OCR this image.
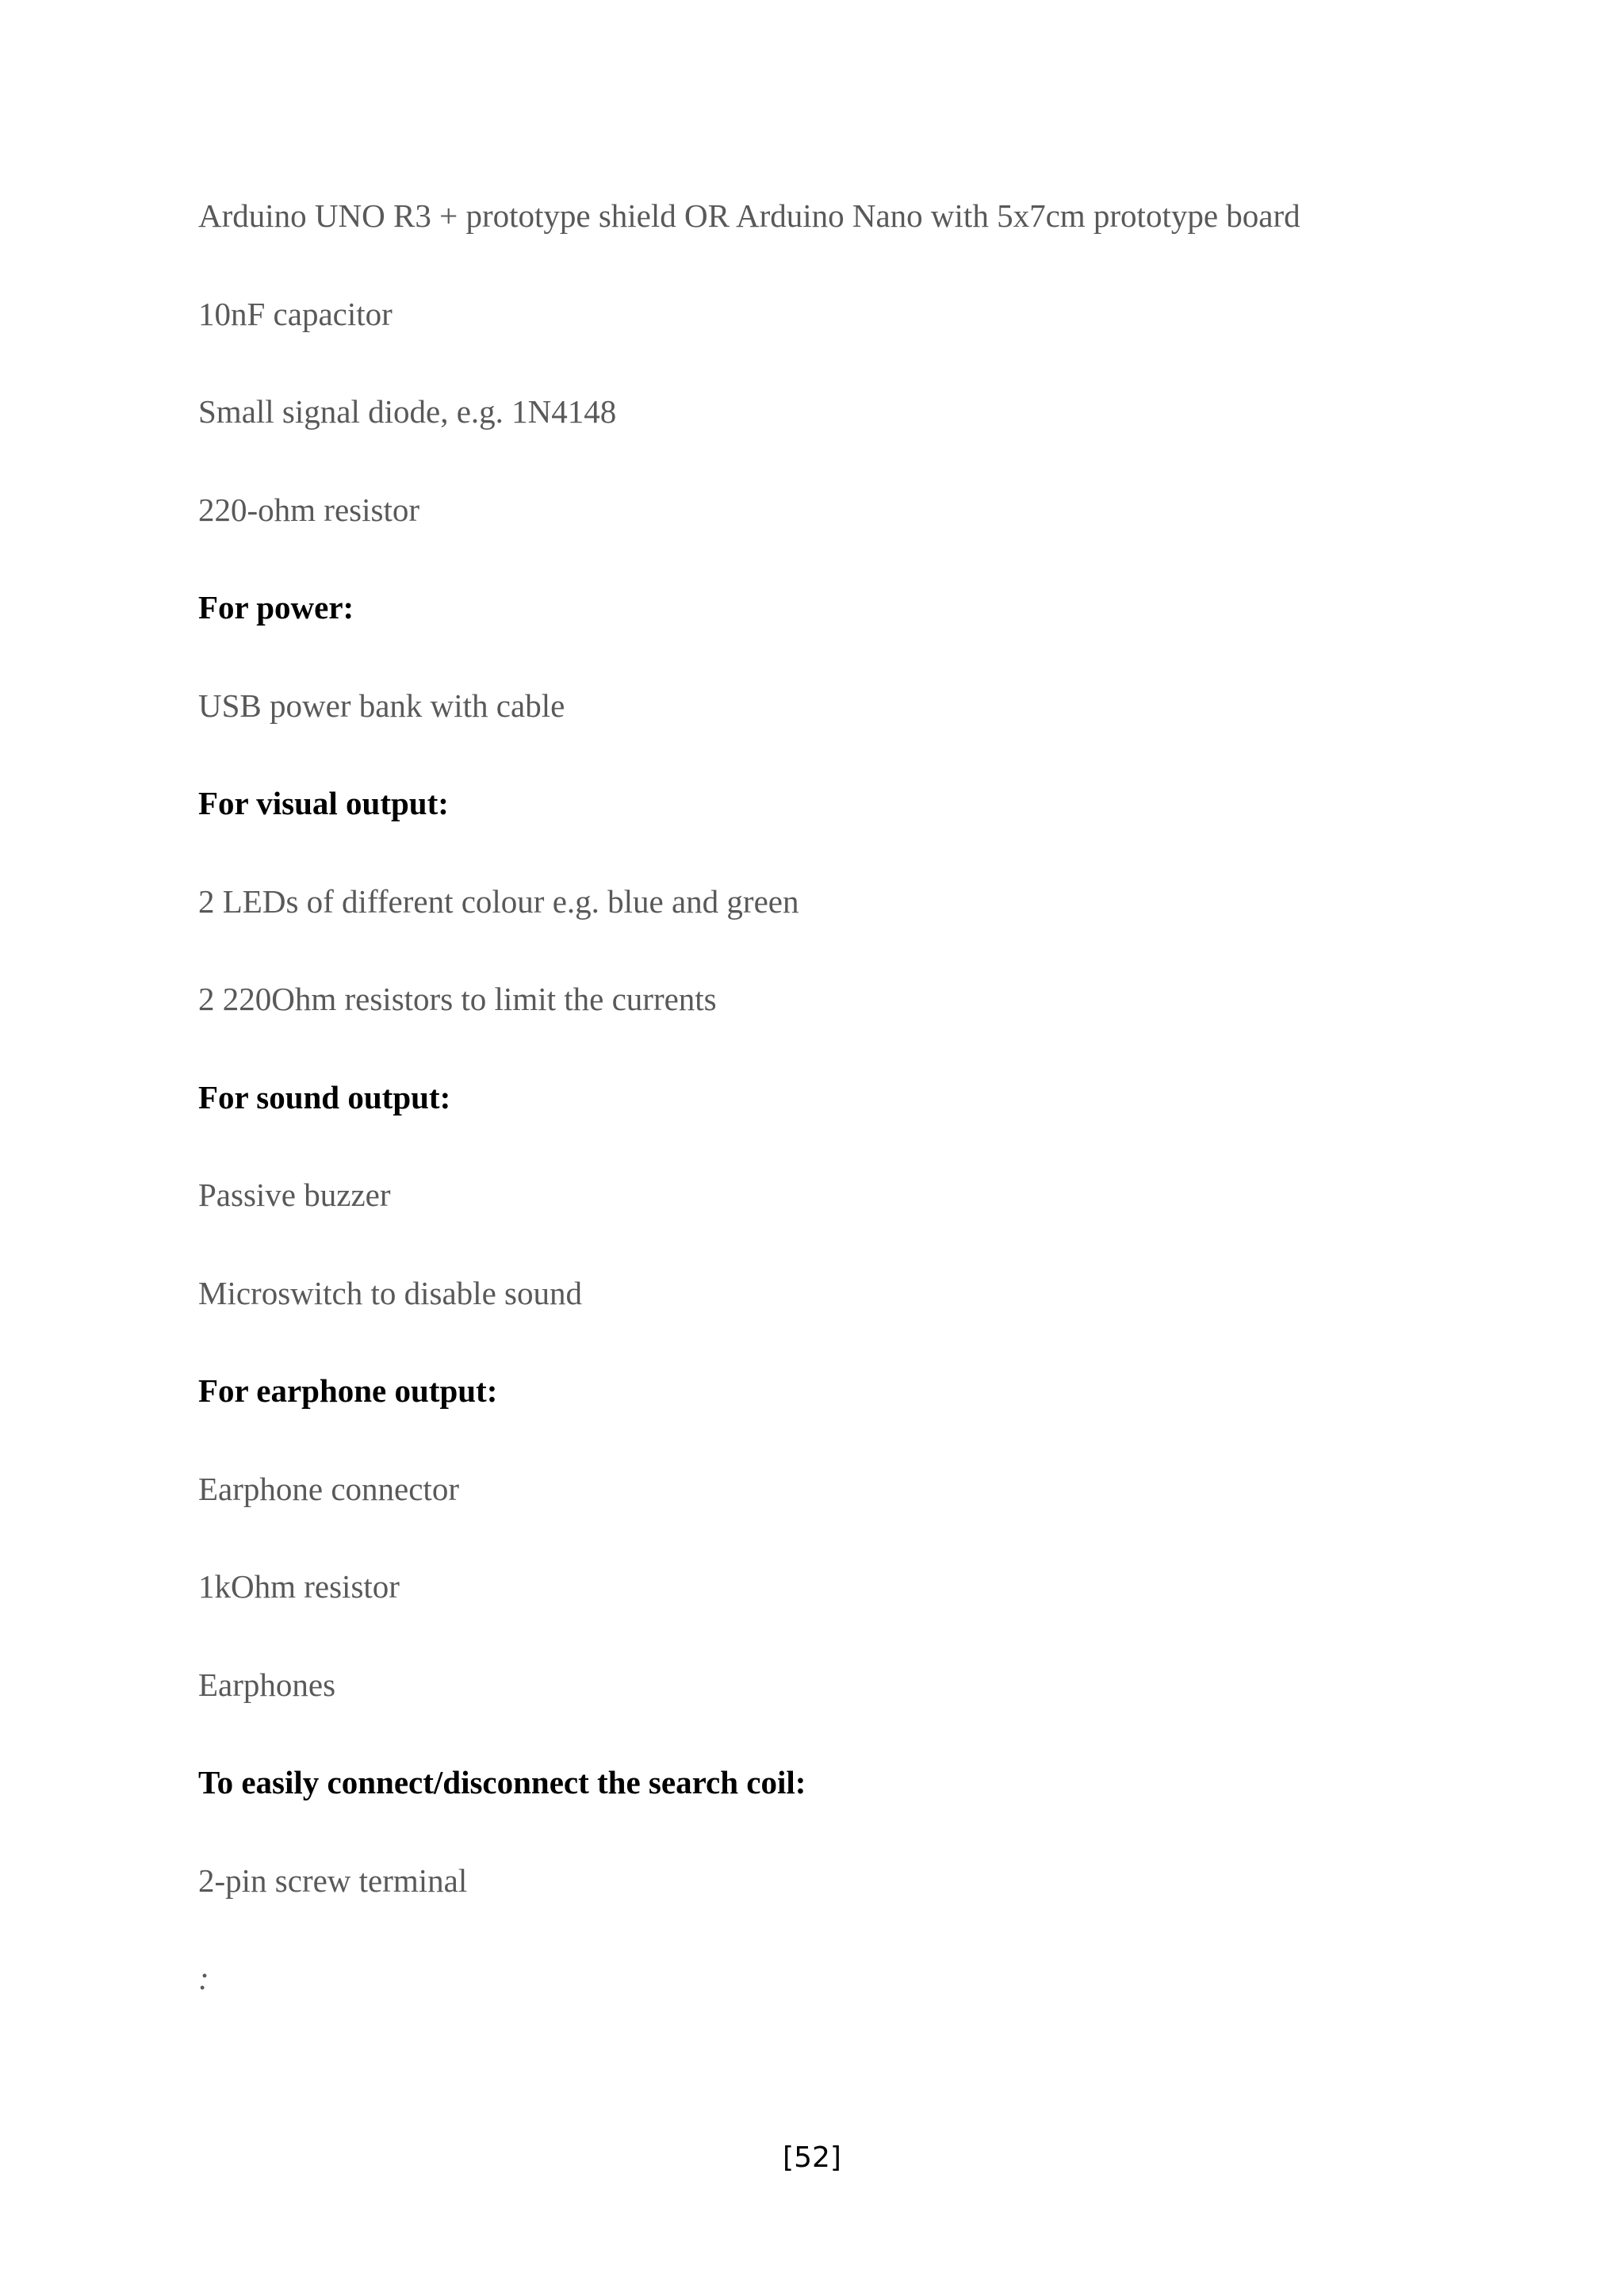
Arduino UNO R3 + prototype shield OR Arduino Nano with 5x7cm prototype board
10nF capacitor
Small signal diode, e.g. 1N4148
220-ohm resistor
For power:
USB power bank with cable
For visual output:
2 LEDs of different colour e.g. blue and green
2 220Ohm resistors to limit the currents
For sound output:
Passive buzzer
Microswitch to disable sound
For earphone output:
Earphone connector
1kOhm resistor
Earphones
To easily connect/disconnect the search coil:
2-pin screw terminal
:
[52]
